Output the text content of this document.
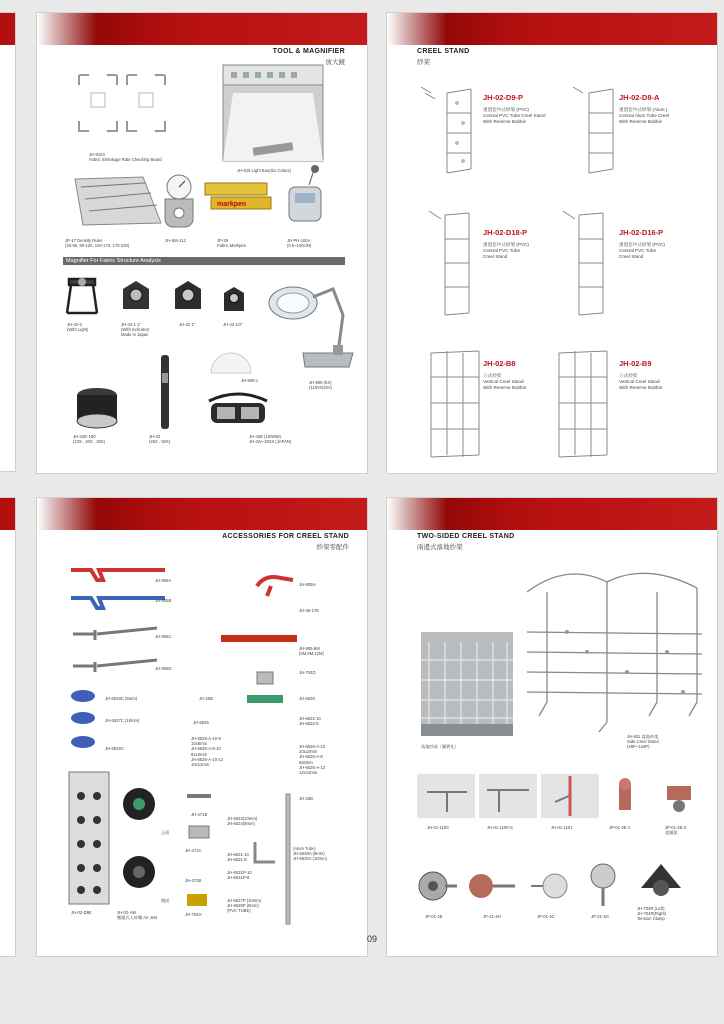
TOOL & MAGNIFIER
放大鏡
JH-910A
Fabric Shrinkage Rate Checking Board
JH-919 Light Box(Six Colors)
JP-17 Density Ruler
(20-90, 90-120, 100-170, 170-220)
JH-SM-112
markpen
JP-39
Fabric Markpen
JH-PH-100A
(0.5~100c/N)
Magnifier For Fabric Structure Analysis
JH-42-3
(With Light)
JH-42-1 1"
(With Indicator)
Made in Japan
JH-42 1"	JH-43 1/2"
JH-909 (5X)
(110V/220V)
JH-909-1
JH-42D-100
(10X , 20X , 30X)
JH-42
(25X , 50X)
JH-42B (10/50M)
JH-42A-203X (JAPAN)
CREEL STAND
紗架
JH-02-D9-P
重置套中式紗架 (PVC)
Central PVC Tube Creel Stand
With Reserve Bobbin
JH-02-D8-A
重置套中式紗架 (Alum.)
Central Alum Tube Creel
With Reserve Bobbin
JH-02-D18-P
重置套中式紗架 (PVC)
Central PVC Tube
Creel Stand
JH-02-D16-P
重置套中式紗架 (PVC)
Central PVC Tube
Creel Stand
JH-02-B8
立式紗架
Vertical Creel Stand
With Reserve Bobbin
JH-02-B9
立式紗架
Vertical Creel Stand
With Reserve Bobbin
ACCESSORIES FOR CREEL STAND
紗架零配件
JH-905A
JH-905H
JH-905B
JH-06-178
JH-905C
JH-905-8M
(6M,8M,12M)
JH-905D
JH-704D
JH-6528C (6mm)	JH-25B	JH-6526
JH-6527C (10mm)	JH-6525
JH-6532-10
JH-6532-8
JH-6526-A-10-8
10x8mm
JH-6526-A-8-10
8x10mm
JH-6526-A-10-12
10x12mm
JH-6529C	JH-6526-A-10
10x10mm
JH-6526-A-8
8x8mm
JH-6526-A-12
12x12mm
JH-471B
JH-6533(10mm)
JH-6534(8mm)
JH-25B
JH-471C
JH-6531-10
JH-6531-8
(Alum Tube)
JH-6529A (8mm)
JH-6530A (10mm)
JH-472B
JH-6531P-10
JH-6531P-8
JH-704H
JH-6527P (10mm)
JH-6528P (8mm)
(PVC TUBE)
JH-02-D9E	JH-02-AW
壓縮式入紗嘴 Air Jets
正面
側面
TWO-SIDED CREEL STAND
兩邊式落地紗架
落地紗架（圖實化）
JH-501 落地紗架
Side Creel Stand
(48P~144P)
JH-01-1100	JH-01-1100-S	JH-01-1101	JP-01-4E-1	JP-01-4E-2
重錘架
JP-01-4E	JP-21-4H	JP-01-4C	JP-21-4G
JH-704R (Left)
JH-704R(Right)
Tension Clamp
09
